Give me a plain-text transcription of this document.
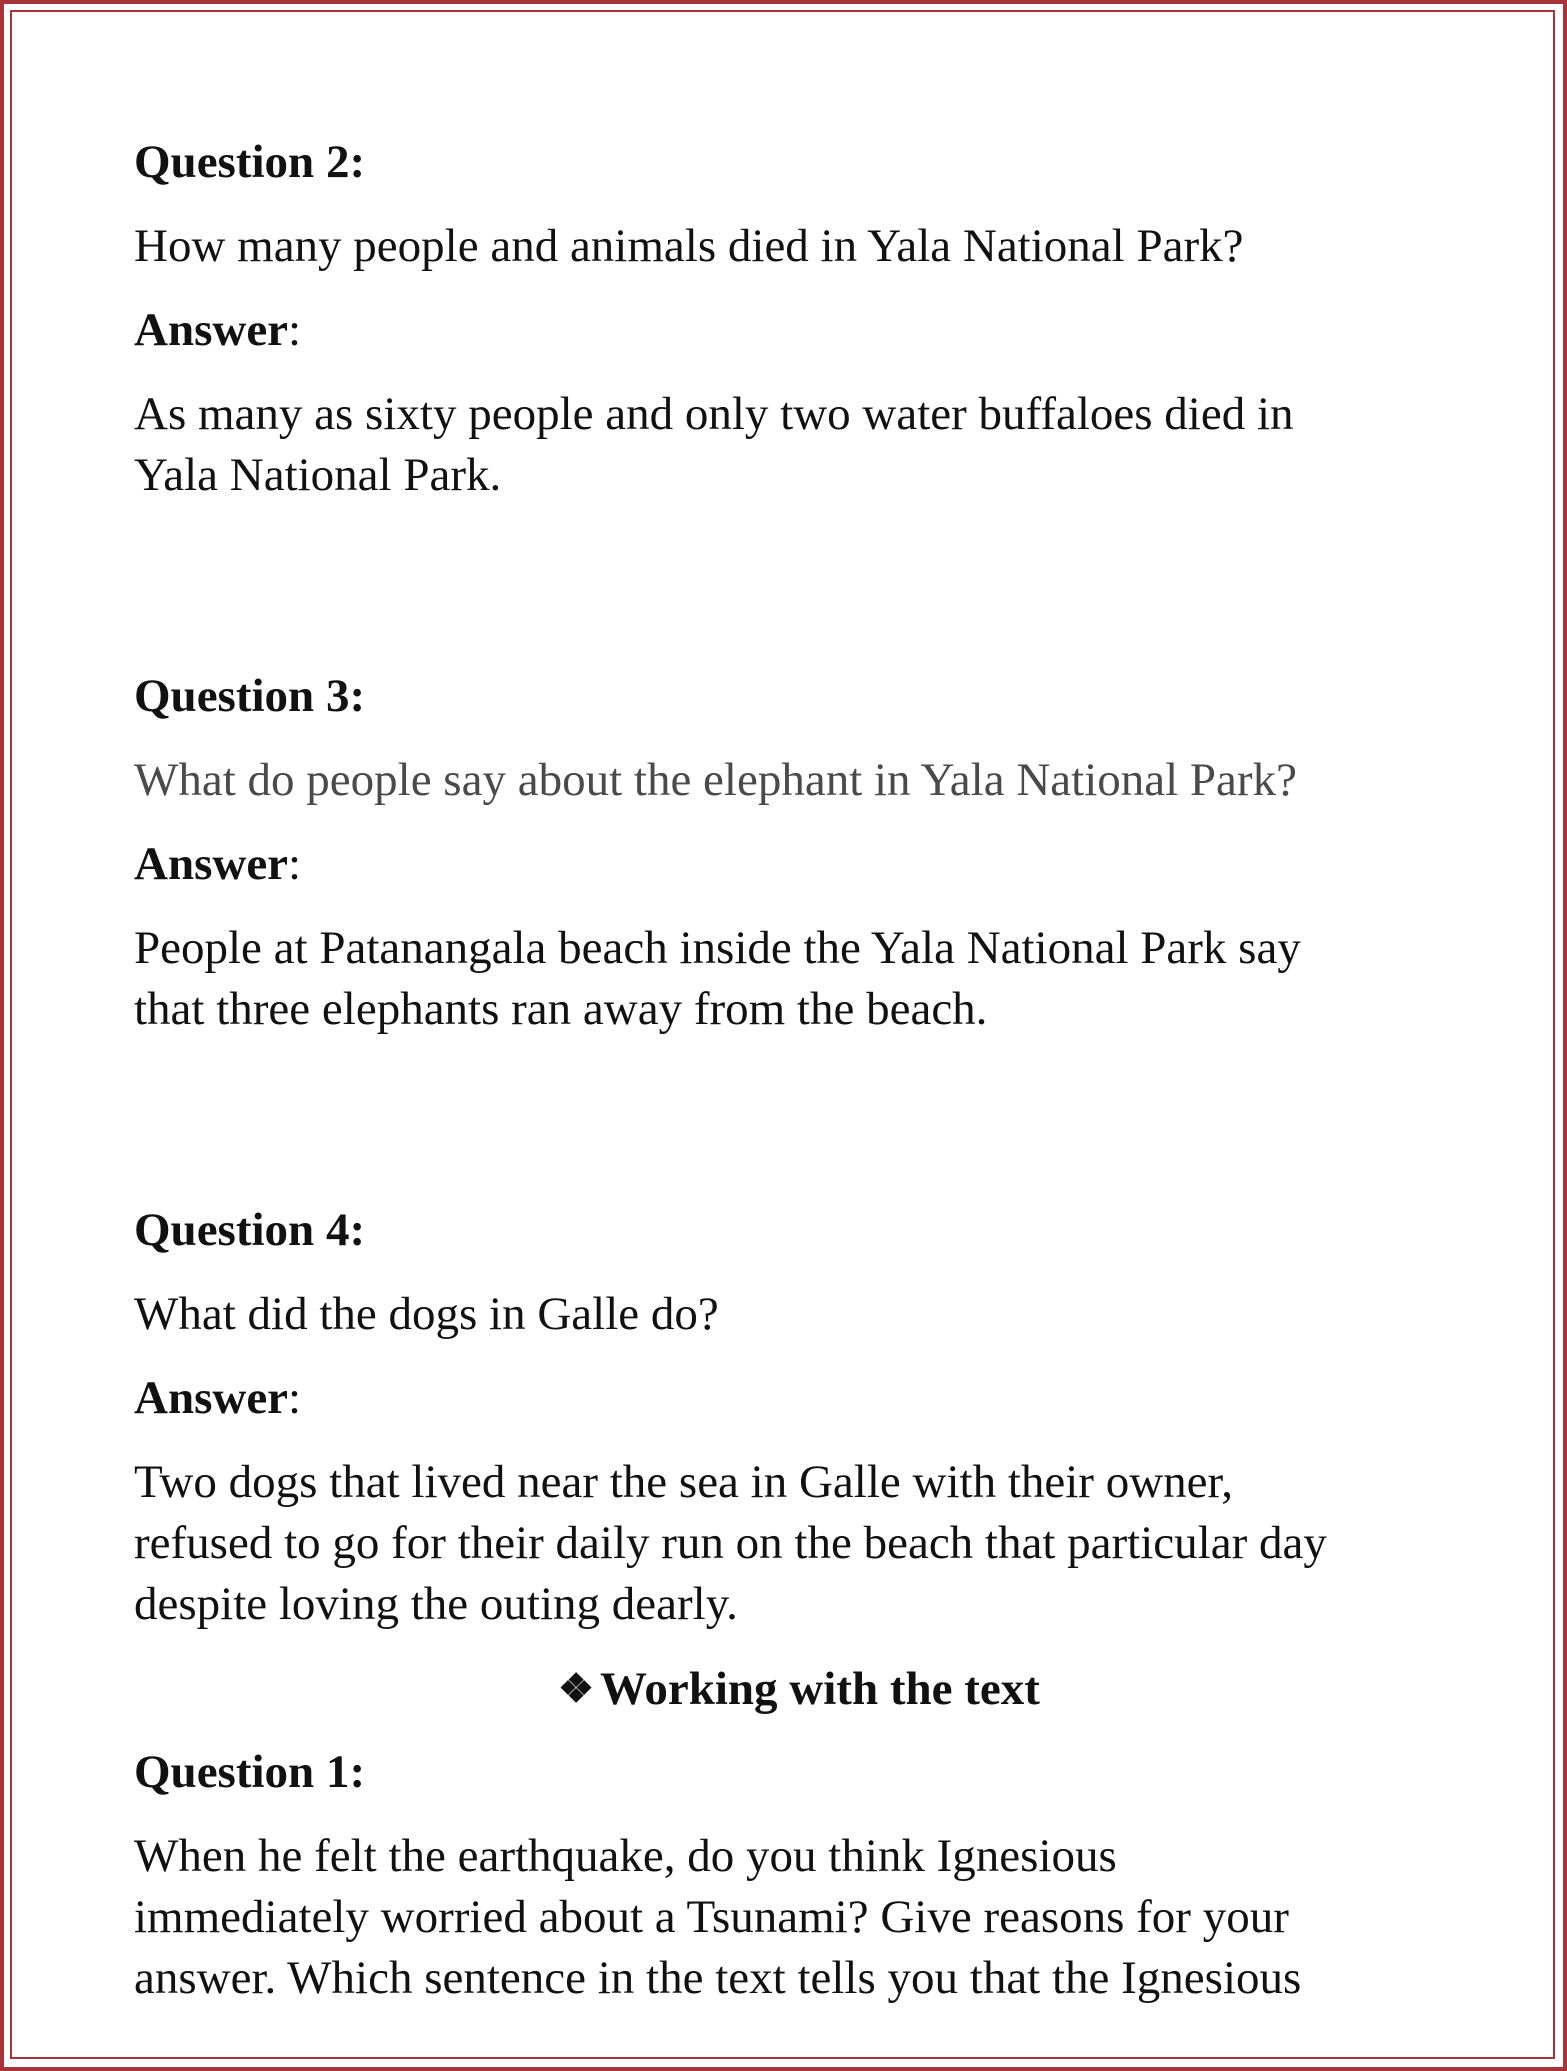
Question 2:

How many people and animals died in Yala National Park?

Answer:

As many as sixty people and only two water buffaloes died in

Yala National Park.

Question 3:

What do people say about the elephant in Yala National Park?

Answer:

People at Patanangala beach inside the Yala National Park say

that three elephants ran away from the beach.

Question 4:

What did the dogs in Galle do?

Answer:

Two dogs that lived near the sea in Galle with their owner,

refused to go for their daily run on the beach that particular day

despite loving the outing dearly.

❖ Working with the text

Question 1:

When he felt the earthquake, do you think Ignesious

immediately worried about a Tsunami? Give reasons for your

answer. Which sentence in the text tells you that the Ignesious
